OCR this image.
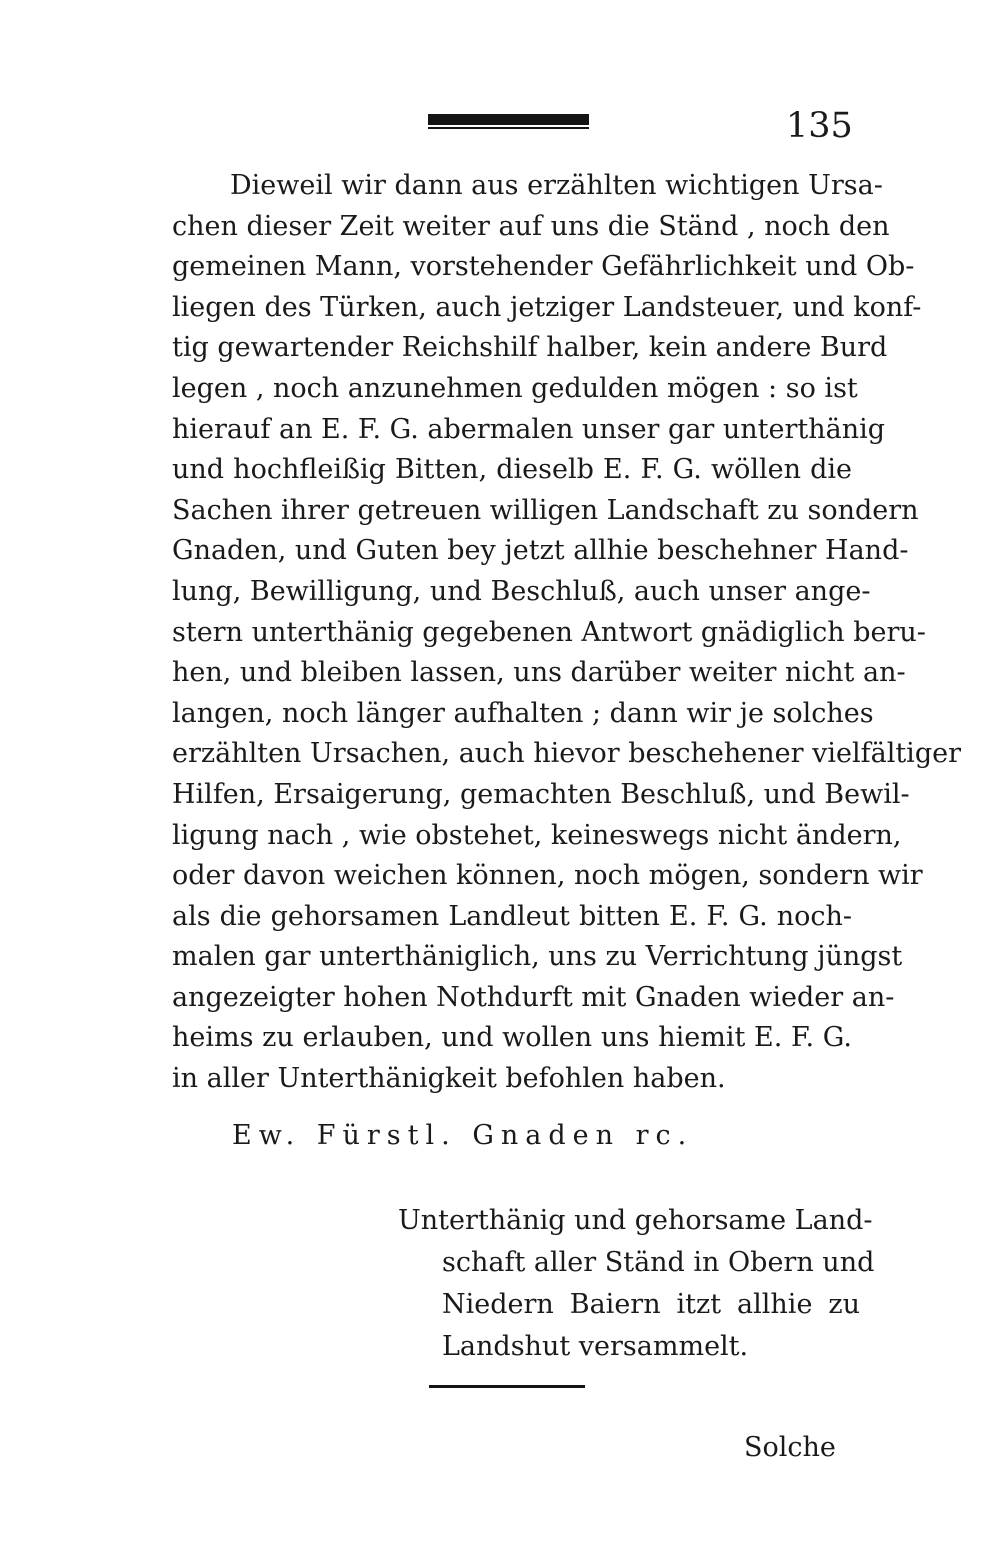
135
Dieweil wir dann aus erzählten wichtigen Ursa-
chen dieser Zeit weiter auf uns die Ständ , noch den
gemeinen Mann, vorstehender Gefährlichkeit und Ob-
liegen des Türken, auch jetziger Landsteuer, und konf-
tig gewartender Reichshilf halber, kein andere Burd
legen , noch anzunehmen gedulden mögen : so ist
hierauf an E. F. G. abermalen unser gar unterthänig
und hochfleißig Bitten, dieselb E. F. G. wöllen die
Sachen ihrer getreuen willigen Landschaft zu sondern
Gnaden, und Guten bey jetzt allhie beschehner Hand-
lung, Bewilligung, und Beschluß, auch unser ange-
stern unterthänig gegebenen Antwort gnädiglich beru-
hen, und bleiben lassen, uns darüber weiter nicht an-
langen, noch länger aufhalten ; dann wir je solches
erzählten Ursachen, auch hievor beschehener vielfältiger
Hilfen, Ersaigerung, gemachten Beschluß, und Bewil-
ligung nach , wie obstehet, keineswegs nicht ändern,
oder davon weichen können, noch mögen, sondern wir
als die gehorsamen Landleut bitten E. F. G. noch-
malen gar unterthäniglich, uns zu Verrichtung jüngst
angezeigter hohen Nothdurft mit Gnaden wieder an-
heims zu erlauben, und wollen uns hiemit E. F. G.
in aller Unterthänigkeit befohlen haben.
Ew. Fürstl. Gnaden rc.
Unterthänig und gehorsame Land-
schaft aller Ständ in Obern und
Niedern Baiern itzt allhie zu
Landshut versammelt.
Solche
